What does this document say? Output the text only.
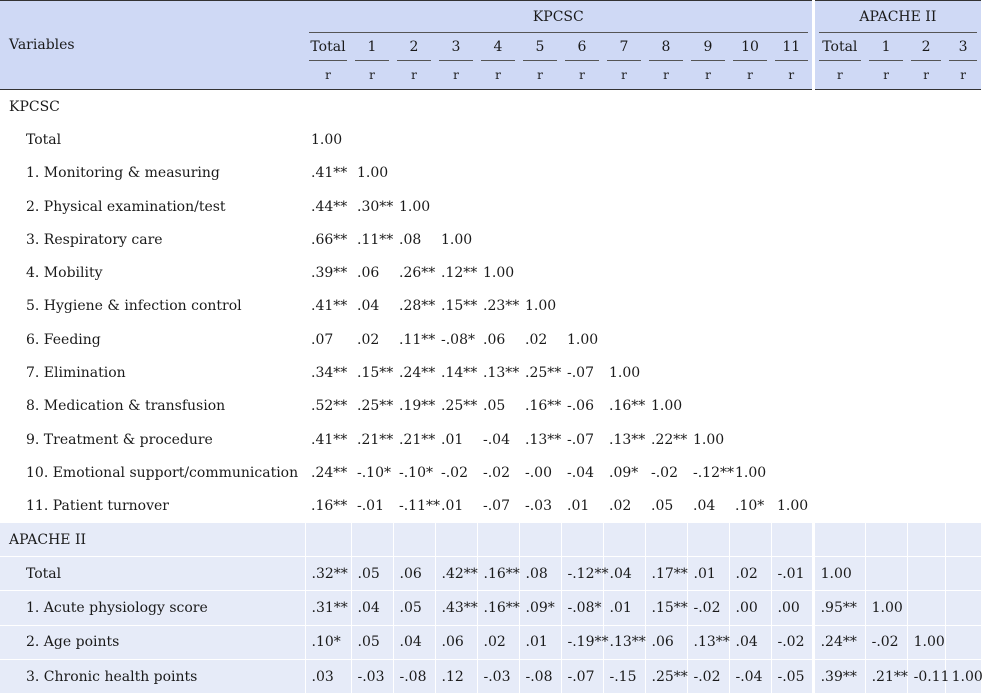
Variables	KPCSC												APACHE II			

	Total	1	2	3	4	5	6	7	8	9	10	11	Total	1	2	3
	r	r	r	r	r	r	r	r	r	r	r	r	r	r	r	r
KPCSC																
Total	1.00															
1. Monitoring & measuring	.41**	1.00														
2. Physical examination/test	.44**	.30**	1.00													
3. Respiratory care	.66**	.11**	.08	1.00												
4. Mobility	.39**	.06	.26**	.12**	1.00											
5. Hygiene & infection control	.41**	.04	.28**	.15**	.23**	1.00										
6. Feeding	.07	.02	.11**	-.08*	.06	.02	1.00									
7. Elimination	.34**	.15**	.24**	.14**	.13**	.25**	-.07	1.00								
8. Medication & transfusion	.52**	.25**	.19**	.25**	.05	.16**	-.06	.16**	1.00							
9. Treatment & procedure	.41**	.21**	.21**	.01	-.04	.13**	-.07	.13**	.22**	1.00						
10. Emotional support/communication	.24**	-.10*	-.10*	-.02	-.02	-.00	-.04	.09*	-.02	-.12**	1.00					
11. Patient turnover	.16**	-.01	-.11**	.01	-.07	-.03	.01	.02	.05	.04	.10*	1.00				
APACHE II																
Total	.32**	.05	.06	.42**	.16**	.08	-.12**	.04	.17**	.01	.02	-.01	1.00			
1. Acute physiology score	.31**	.04	.05	.43**	.16**	.09*	-.08*	.01	.15**	-.02	.00	.00	.95**	1.00		
2. Age points	.10*	.05	.04	.06	.02	.01	-.19**	.13**	.06	.13**	.04	-.02	.24**	-.02	1.00	
3. Chronic health points	.03	-.03	-.08	.12	-.03	-.08	-.07	-.15	.25**	-.02	-.04	-.05	.39**	.21**	-0.11	1.00
